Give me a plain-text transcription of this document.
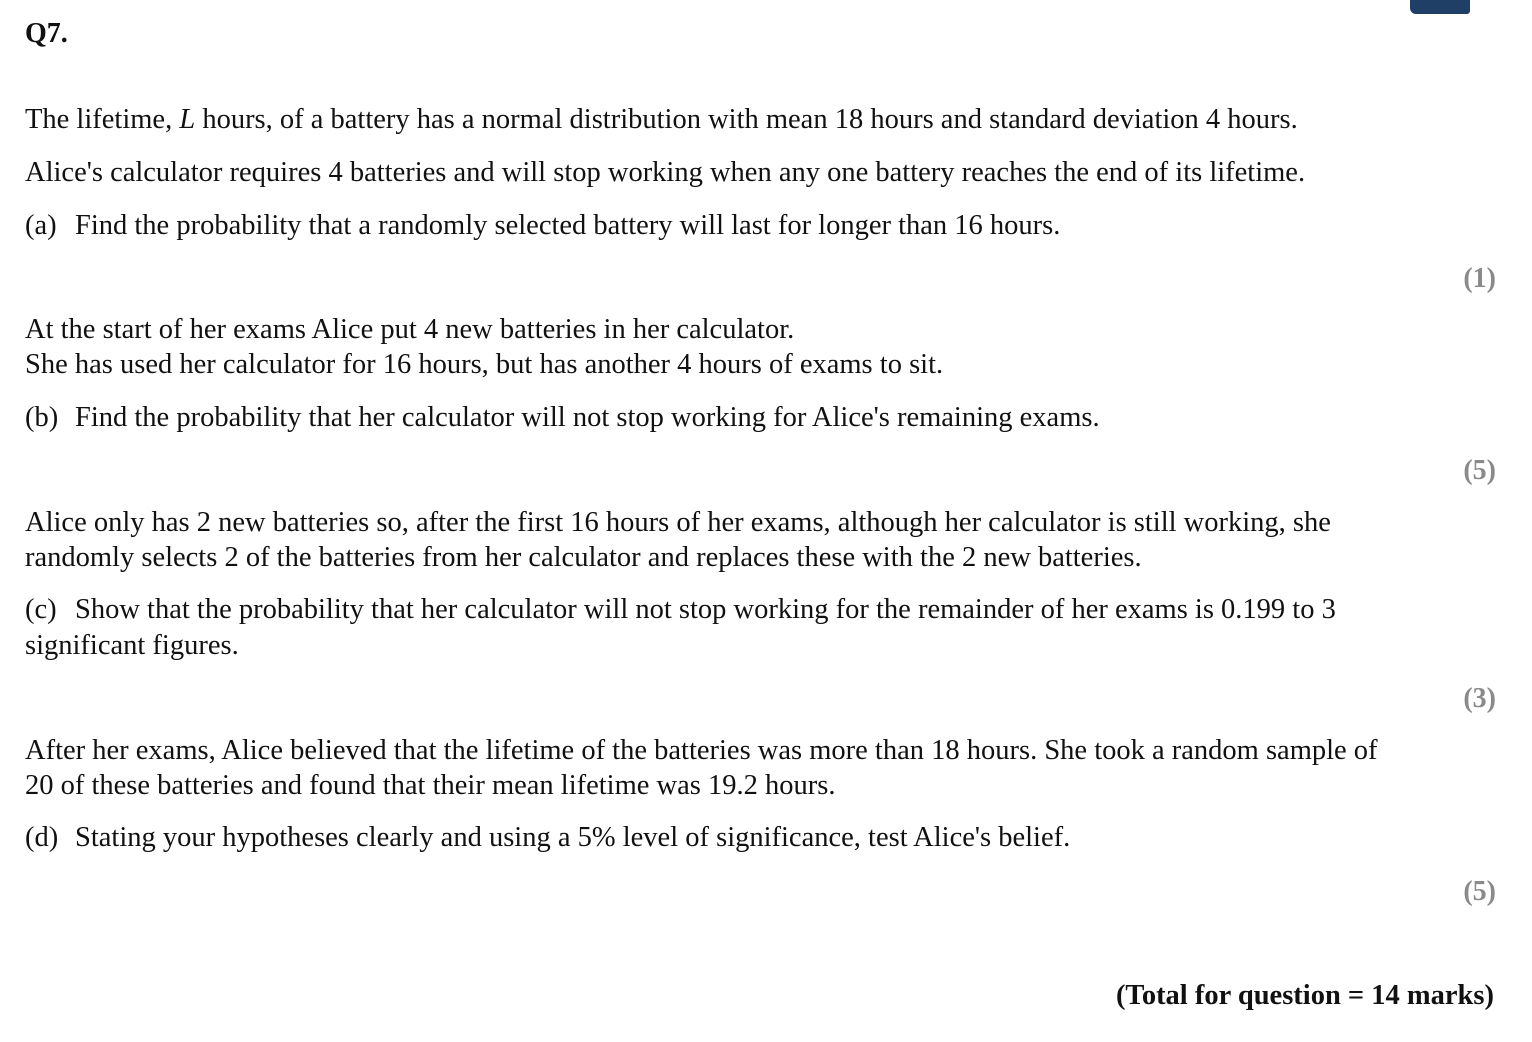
Q7.
The lifetime, L hours, of a battery has a normal distribution with mean 18 hours and standard deviation 4 hours.
Alice's calculator requires 4 batteries and will stop working when any one battery reaches the end of its lifetime.
(a) Find the probability that a randomly selected battery will last for longer than 16 hours.
(1)
At the start of her exams Alice put 4 new batteries in her calculator.
She has used her calculator for 16 hours, but has another 4 hours of exams to sit.
(b) Find the probability that her calculator will not stop working for Alice's remaining exams.
(5)
Alice only has 2 new batteries so, after the first 16 hours of her exams, although her calculator is still working, she
randomly selects 2 of the batteries from her calculator and replaces these with the 2 new batteries.
(c) Show that the probability that her calculator will not stop working for the remainder of her exams is 0.199 to 3
significant figures.
(3)
After her exams, Alice believed that the lifetime of the batteries was more than 18 hours. She took a random sample of
20 of these batteries and found that their mean lifetime was 19.2 hours.
(d) Stating your hypotheses clearly and using a 5% level of significance, test Alice's belief.
(5)
(Total for question = 14 marks)
